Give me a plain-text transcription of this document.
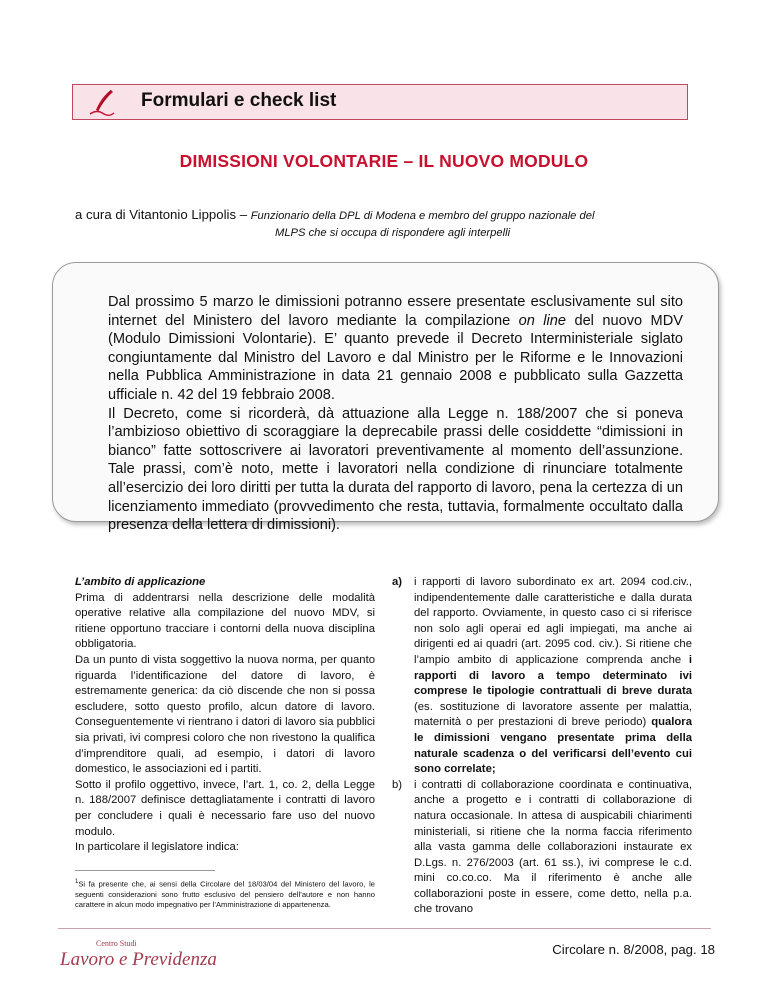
Formulari e check list
DIMISSIONI VOLONTARIE – IL NUOVO MODULO
a cura di Vitantonio Lippolis – Funzionario della DPL di Modena e membro del gruppo nazionale del
MLPS che si occupa di rispondere agli interpelli

Dal prossimo 5 marzo le dimissioni potranno essere presentate esclusivamente sul sito internet del Ministero del lavoro mediante la compilazione on line del nuovo MDV (Modulo Dimissioni Volontarie). E’ quanto prevede il Decreto Interministeriale siglato congiuntamente dal Ministro del Lavoro e dal Ministro per le Riforme e le Innovazioni nella Pubblica Amministrazione in data 21 gennaio 2008 e pubblicato sulla Gazzetta ufficiale n. 42 del 19 febbraio 2008.
Il Decreto, come si ricorderà, dà attuazione alla Legge n. 188/2007 che si poneva l’ambizioso obiettivo di scoraggiare la deprecabile prassi delle cosiddette “dimissioni in bianco” fatte sottoscrivere ai lavoratori preventivamente al momento dell’assunzione. Tale prassi, com’è noto, mette i lavoratori nella condizione di rinunciare totalmente all’esercizio dei loro diritti per tutta la durata del rapporto di lavoro, pena la certezza di un licenziamento immediato (provvedimento che resta, tuttavia, formalmente occultato dalla presenza della lettera di dimissioni).

L’ambito di applicazione

Prima di addentrarsi nella descrizione delle modalità operative relative alla compilazione del nuovo MDV, si ritiene opportuno tracciare i contorni della nuova disciplina obbligatoria.

Da un punto di vista soggettivo la nuova norma, per quanto riguarda l’identificazione del datore di lavoro, è estremamente generica: da ciò discende che non si possa escludere, sotto questo profilo, alcun datore di lavoro. Conseguentemente vi rientrano i datori di lavoro sia pubblici sia privati, ivi compresi coloro che non rivestono la qualifica d’imprenditore quali, ad esempio, i datori di lavoro domestico, le associazioni ed i partiti.

Sotto il profilo oggettivo, invece, l’art. 1, co. 2, della Legge n. 188/2007 definisce dettagliatamente i contratti di lavoro per concludere i quali è necessario fare uso del nuovo modulo.

In particolare il legislatore indica:

$^1$Si fa presente che, ai sensi della Circolare del 18/03/04 del Ministero del lavoro, le seguenti considerazioni sono frutto esclusivo del pensiero dell’autore e non hanno carattere in alcun modo impegnativo per l’Amministrazione di appartenenza.

a) i rapporti di lavoro subordinato ex art. 2094 cod.civ., indipendentemente dalle caratteristiche e dalla durata del rapporto. Ovviamente, in questo caso ci si riferisce non solo agli operai ed agli impiegati, ma anche ai dirigenti ed ai quadri (art. 2095 cod. civ.). Si ritiene che l’ampio ambito di applicazione comprenda anche i rapporti di lavoro a tempo determinato ivi comprese le tipologie contrattuali di breve durata (es. sostituzione di lavoratore assente per malattia, maternità o per prestazioni di breve periodo) qualora le dimissioni vengano presentate prima della naturale scadenza o del verificarsi dell’evento cui sono correlate;

b) i contratti di collaborazione coordinata e continuativa, anche a progetto e i contratti di collaborazione di natura occasionale. In attesa di auspicabili chiarimenti ministeriali, si ritiene che la norma faccia riferimento alla vasta gamma delle collaborazioni instaurate ex D.Lgs. n. 276/2003 (art. 61 ss.), ivi comprese le c.d. mini co.co.co. Ma il riferimento è anche alle collaborazioni poste in essere, come detto, nella p.a. che trovano

Centro Studi
Lavoro e Previdenza	Circolare n. 8/2008, pag. 18
